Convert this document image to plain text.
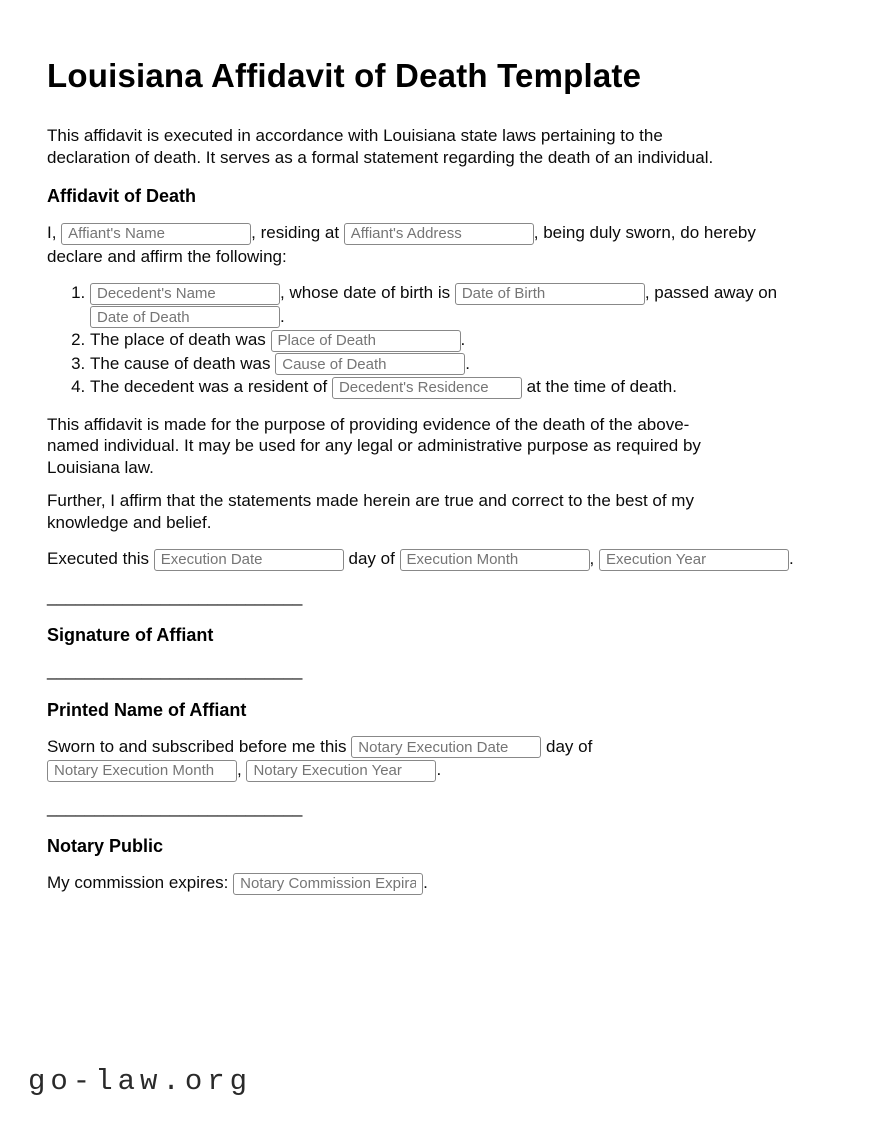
Louisiana Affidavit of Death Template

This affidavit is executed in accordance with Louisiana state laws pertaining to the
declaration of death. It serves as a formal statement regarding the death of an individual.

Affidavit of Death

I, Affiant's Name	, residing at Affiant's Address	, being duly sworn, do hereby
declare and affirm the following:

Decedent's Name 1. , whose date of birth is Date of Birth	, passed away on
Date of Death.
2. The place of death was Place of Death	.
3. The cause of death was Cause of Death	.
4. The decedent was a resident of Decedent's Residence	at the time of death.

This affidavit is made for the purpose of providing evidence of the death of the above-
named individual. It may be used for any legal or administrative purpose as required by
Louisiana law.

Further, I affirm that the statements made herein are true and correct to the best of my
knowledge and belief.

Executed this Execution Date	day of Execution Month	, Execution Year	.

___________________________

Signature of Affiant

___________________________

Printed Name of Affiant

Sworn to and subscribed before me this Notary Execution Date	day of
Notary Execution Month, Notary Execution Year	.

___________________________

Notary Public

My commission expires: Notary Commission Expiration Date	.

go-law.org
